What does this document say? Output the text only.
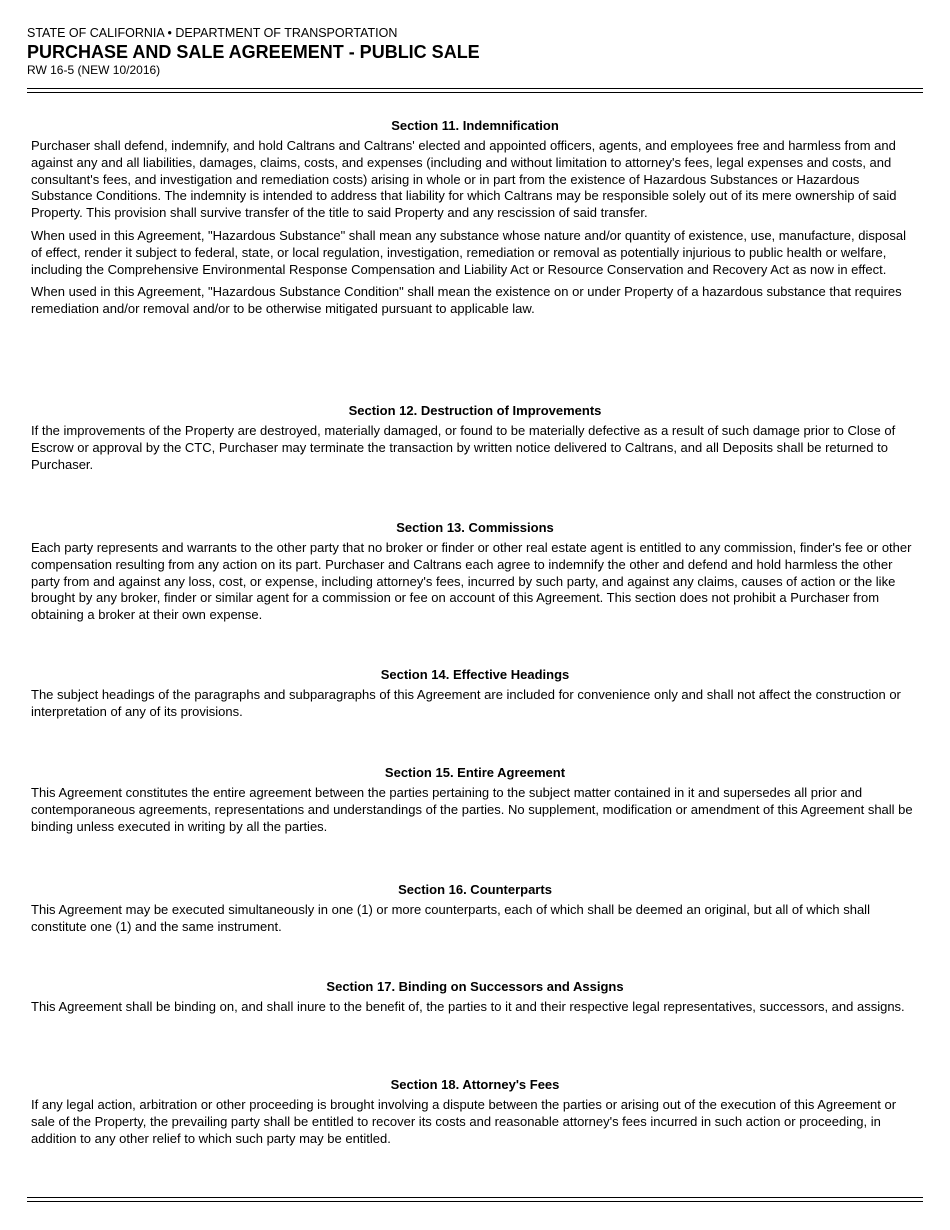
STATE OF CALIFORNIA • DEPARTMENT OF TRANSPORTATION
PURCHASE AND SALE AGREEMENT - PUBLIC SALE
RW 16-5 (NEW 10/2016)
Section 11. Indemnification

Purchaser shall defend, indemnify, and hold Caltrans and Caltrans' elected and appointed officers, agents, and employees free and harmless from and against any and all liabilities, damages, claims, costs, and expenses (including and without limitation to attorney's fees, legal expenses and costs, and consultant's fees, and investigation and remediation costs) arising in whole or in part from the existence of Hazardous Substances or Hazardous Substance Conditions. The indemnity is intended to address that liability for which Caltrans may be responsible solely out of its mere ownership of said Property. This provision shall survive transfer of the title to said Property and any rescission of said transfer.

When used in this Agreement, "Hazardous Substance" shall mean any substance whose nature and/or quantity of existence, use, manufacture, disposal of effect, render it subject to federal, state, or local regulation, investigation, remediation or removal as potentially injurious to public health or welfare, including the Comprehensive Environmental Response Compensation and Liability Act or Resource Conservation and Recovery Act as now in effect.

When used in this Agreement, "Hazardous Substance Condition" shall mean the existence on or under Property of a hazardous substance that requires remediation and/or removal and/or to be otherwise mitigated pursuant to applicable law.

Section 12. Destruction of Improvements

If the improvements of the Property are destroyed, materially damaged, or found to be materially defective as a result of such damage prior to Close of Escrow or approval by the CTC, Purchaser may terminate the transaction by written notice delivered to Caltrans, and all Deposits shall be returned to Purchaser.

Section 13. Commissions

Each party represents and warrants to the other party that no broker or finder or other real estate agent is entitled to any commission, finder's fee or other compensation resulting from any action on its part. Purchaser and Caltrans each agree to indemnify the other and defend and hold harmless the other party from and against any loss, cost, or expense, including attorney's fees, incurred by such party, and against any claims, causes of action or the like brought by any broker, finder or similar agent for a commission or fee on account of this Agreement. This section does not prohibit a Purchaser from obtaining a broker at their own expense.

Section 14. Effective Headings

The subject headings of the paragraphs and subparagraphs of this Agreement are included for convenience only and shall not affect the construction or interpretation of any of its provisions.

Section 15. Entire Agreement

This Agreement constitutes the entire agreement between the parties pertaining to the subject matter contained in it and supersedes all prior and contemporaneous agreements, representations and understandings of the parties. No supplement, modification or amendment of this Agreement shall be binding unless executed in writing by all the parties.

Section 16. Counterparts

This Agreement may be executed simultaneously in one (1) or more counterparts, each of which shall be deemed an original, but all of which shall constitute one (1) and the same instrument.

Section 17. Binding on Successors and Assigns

This Agreement shall be binding on, and shall inure to the benefit of, the parties to it and their respective legal representatives, successors, and assigns.

Section 18. Attorney's Fees

If any legal action, arbitration or other proceeding is brought involving a dispute between the parties or arising out of the execution of this Agreement or sale of the Property, the prevailing party shall be entitled to recover its costs and reasonable attorney's fees incurred in such action or proceeding, in addition to any other relief to which such party may be entitled.
